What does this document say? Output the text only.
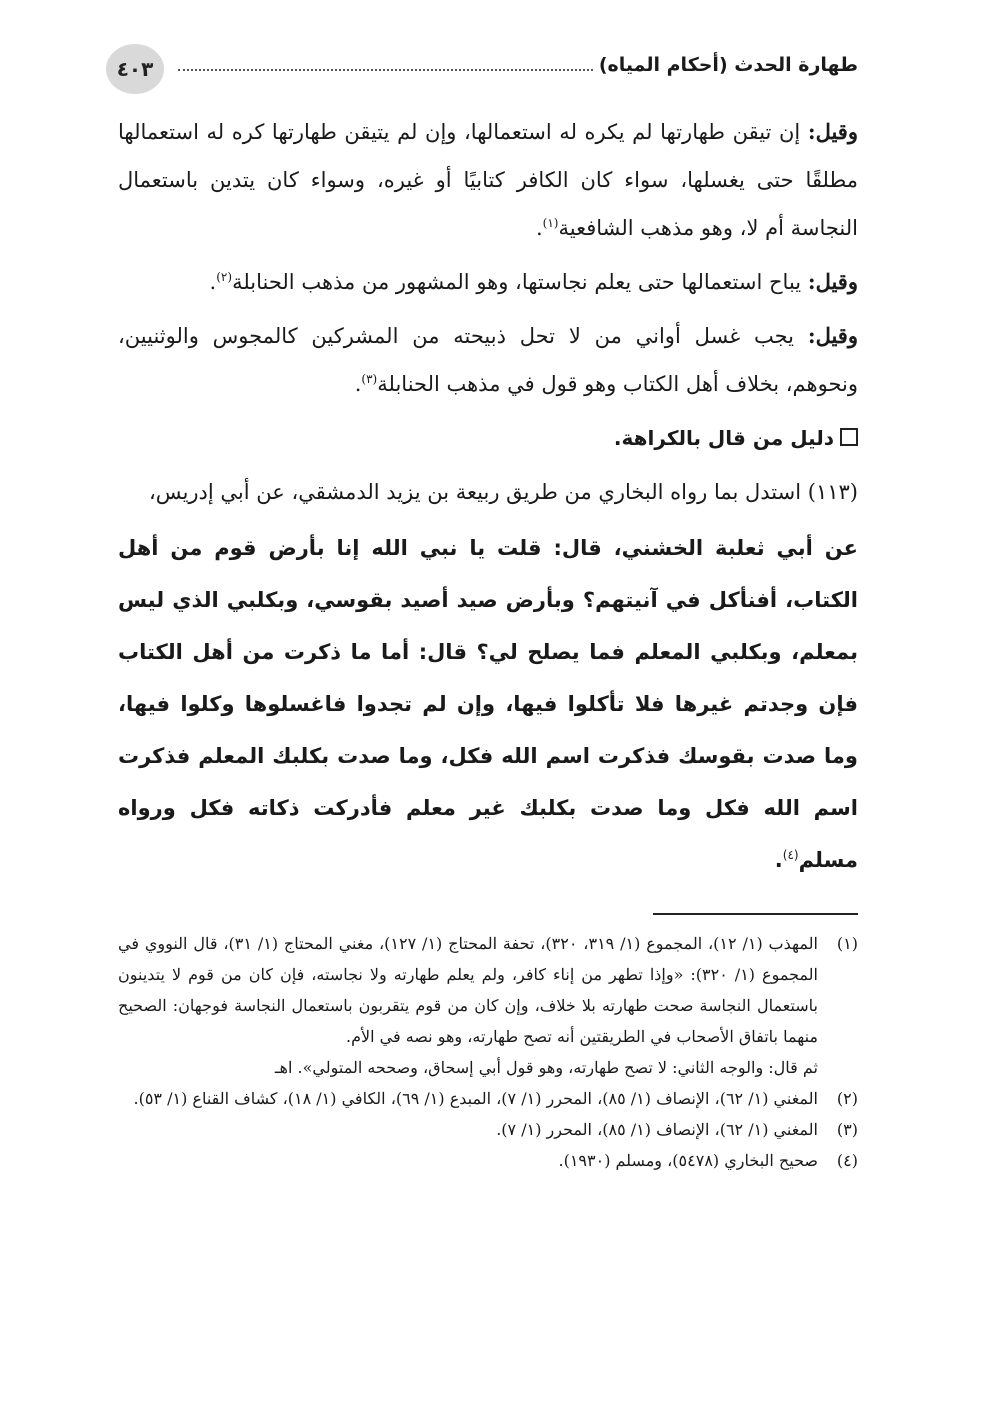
طهارة الحدث (أحكام المياه)
٤٠٣

وقيل: إن تيقن طهارتها لم يكره له استعمالها، وإن لم يتيقن طهارتها كره له استعمالها مطلقًا حتى يغسلها، سواء كان الكافر كتابيًا أو غيره، وسواء كان يتدين باستعمال النجاسة أم لا، وهو مذهب الشافعية$^{(١)}$.

وقيل: يباح استعمالها حتى يعلم نجاستها، وهو المشهور من مذهب الحنابلة$^{(٢)}$.

وقيل: يجب غسل أواني من لا تحل ذبيحته من المشركين كالمجوس والوثنيين، ونحوهم، بخلاف أهل الكتاب وهو قول في مذهب الحنابلة$^{(٣)}$.

دليل من قال بالكراهة.

(١١٣) استدل بما رواه البخاري من طريق ربيعة بن يزيد الدمشقي، عن أبي إدريس،

عن أبي ثعلبة الخشني، قال: قلت يا نبي الله إنا بأرض قوم من أهل الكتاب، أفنأكل في آنيتهم؟ وبأرض صيد أصيد بقوسي، وبكلبي الذي ليس بمعلم، وبكلبي المعلم فما يصلح لي؟ قال: أما ما ذكرت من أهل الكتاب فإن وجدتم غيرها فلا تأكلوا فيها، وإن لم تجدوا فاغسلوها وكلوا فيها، وما صدت بقوسك فذكرت اسم الله فكل، وما صدت بكلبك المعلم فذكرت اسم الله فكل وما صدت بكلبك غير معلم فأدركت ذكاته فكل ورواه مسلم$^{(٤)}$.

(١)
المهذب (١/ ١٢)، المجموع (١/ ٣١٩، ٣٢٠)، تحفة المحتاج (١/ ١٢٧)، مغني المحتاج (١/ ٣١)، قال النووي في المجموع (١/ ٣٢٠): «وإذا تطهر من إناء كافر، ولم يعلم طهارته ولا نجاسته، فإن كان من قوم لا يتدينون باستعمال النجاسة صحت طهارته بلا خلاف، وإن كان من قوم يتقربون باستعمال النجاسة فوجهان: الصحيح منهما باتفاق الأصحاب في الطريقتين أنه تصح طهارته، وهو نصه في الأم.

ثم قال: والوجه الثاني: لا تصح طهارته، وهو قول أبي إسحاق، وصححه المتولي». اهـ

(٢)
المغني (١/ ٦٢)، الإنصاف (١/ ٨٥)، المحرر (١/ ٧)، المبدع (١/ ٦٩)، الكافي (١/ ١٨)، كشاف القناع (١/ ٥٣).
(٣)
المغني (١/ ٦٢)، الإنصاف (١/ ٨٥)، المحرر (١/ ٧).
(٤)
صحيح البخاري (٥٤٧٨)، ومسلم (١٩٣٠).
